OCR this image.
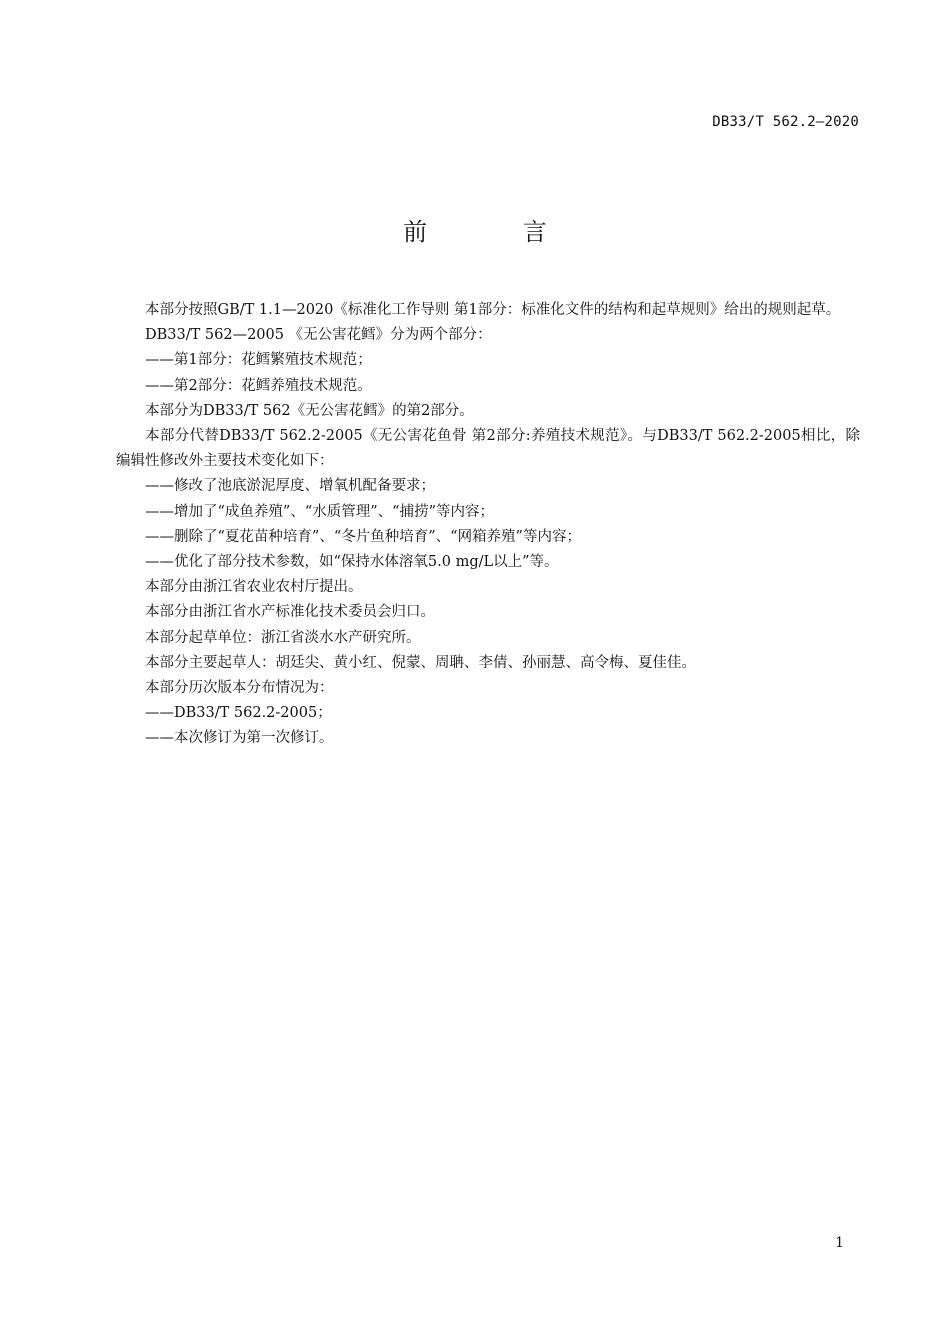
DB33/T 562.2—2020
前 言

本部分按照GB/T 1.1—2020《标准化工作导则 第1部分：标准化文件的结构和起草规则》给出的规则起草。

DB33/T 562—2005 《无公害花鳕》分为两个部分：

——第1部分：花鳕繁殖技术规范；

——第2部分：花鳕养殖技术规范。

本部分为DB33/T 562《无公害花鳕》的第2部分。

本部分代替DB33/T 562.2-2005《无公害花鱼骨 第2部分:养殖技术规范》。与DB33/T 562.2-2005相比，除编辑性修改外主要技术变化如下：

——修改了池底淤泥厚度、增氧机配备要求；

——增加了“成鱼养殖”、“水质管理”、“捕捞”等内容；

——删除了“夏花苗种培育”、“冬片鱼种培育”、“网箱养殖”等内容；

——优化了部分技术参数，如“保持水体溶氧5.0 mg/L以上”等。

本部分由浙江省农业农村厅提出。

本部分由浙江省水产标准化技术委员会归口。

本部分起草单位：浙江省淡水水产研究所。

本部分主要起草人：胡廷尖、黄小红、倪蒙、周聃、李倩、孙丽慧、高令梅、夏佳佳。

本部分历次版本分布情况为：

——DB33/T 562.2-2005；

——本次修订为第一次修订。

1
